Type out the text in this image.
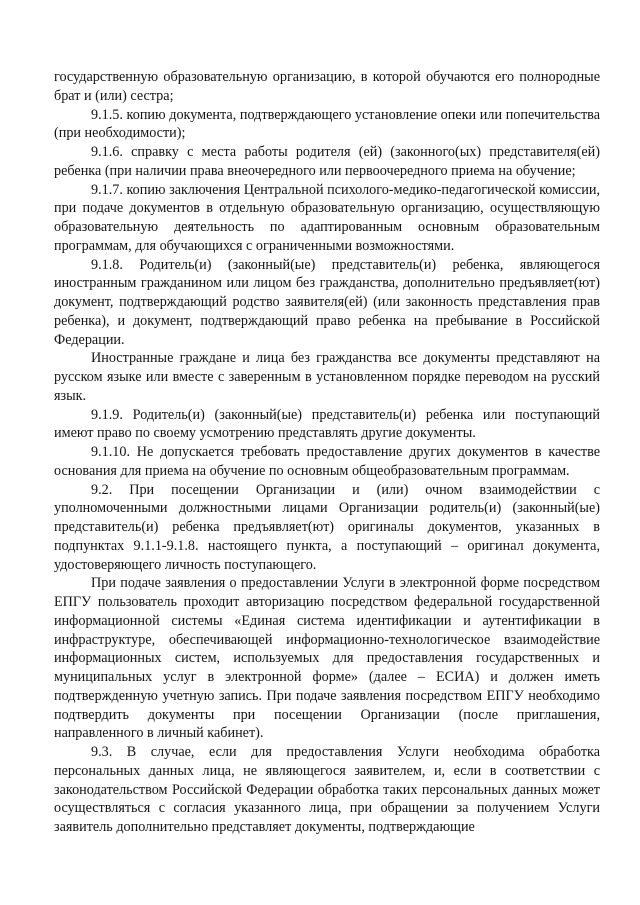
государственную образовательную организацию, в которой обучаются его полнородные брат и (или) сестра;

9.1.5. копию документа, подтверждающего установление опеки или попечительства (при необходимости);

9.1.6. справку с места работы родителя (ей) (законного(ых) представителя(ей) ребенка (при наличии права внеочередного или первоочередного приема на обучение;

9.1.7. копию заключения Центральной психолого-медико-педагогической комиссии, при подаче документов в отдельную образовательную организацию, осуществляющую образовательную деятельность по адаптированным основным образовательным программам, для обучающихся с ограниченными возможностями.

9.1.8. Родитель(и) (законный(ые) представитель(и) ребенка, являющегося иностранным гражданином или лицом без гражданства, дополнительно предъявляет(ют) документ, подтверждающий родство заявителя(ей) (или законность представления прав ребенка), и документ, подтверждающий право ребенка на пребывание в Российской Федерации.

Иностранные граждане и лица без гражданства все документы представляют на русском языке или вместе с заверенным в установленном порядке переводом на русский язык.

9.1.9. Родитель(и) (законный(ые) представитель(и) ребенка или поступающий имеют право по своему усмотрению представлять другие документы.

9.1.10. Не допускается требовать предоставление других документов в качестве основания для приема на обучение по основным общеобразовательным программам.

9.2. При посещении Организации и (или) очном взаимодействии с уполномоченными должностными лицами Организации родитель(и) (законный(ые) представитель(и) ребенка предъявляет(ют) оригиналы документов, указанных в подпунктах 9.1.1-9.1.8. настоящего пункта, а поступающий – оригинал документа, удостоверяющего личность поступающего.

При подаче заявления о предоставлении Услуги в электронной форме посредством ЕПГУ пользователь проходит авторизацию посредством федеральной государственной информационной системы «Единая система идентификации и аутентификации в инфраструктуре, обеспечивающей информационно-технологическое взаимодействие информационных систем, используемых для предоставления государственных и муниципальных услуг в электронной форме» (далее – ЕСИА) и должен иметь подтвержденную учетную запись. При подаче заявления посредством ЕПГУ необходимо подтвердить документы при посещении Организации (после приглашения, направленного в личный кабинет).

9.3. В случае, если для предоставления Услуги необходима обработка персональных данных лица, не являющегося заявителем, и, если в соответствии с законодательством Российской Федерации обработка таких персональных данных может осуществляться с согласия указанного лица, при обращении за получением Услуги заявитель дополнительно представляет документы, подтверждающие
